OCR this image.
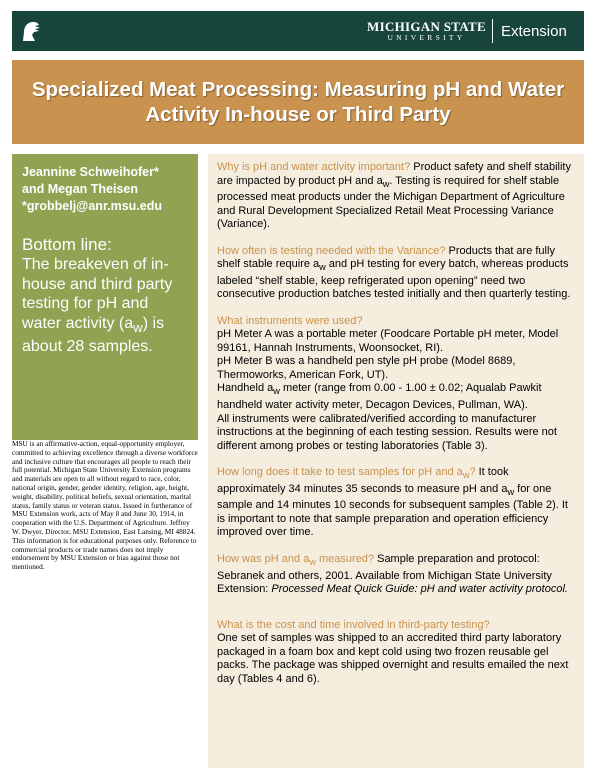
MICHIGAN STATE
UNIVERSITY	Extension
Specialized Meat Processing: Measuring pH and Water Activity In-house or Third Party
Jeannine Schweihofer*
and Megan Theisen
*grobbelj@anr.msu.edu
Bottom line:
The breakeven of in-house and third party testing for pH and water activity $(a_w)$ is about 28 samples.
MSU is an affirmative-action, equal-opportunity employer, committed to achieving excellence through a diverse workforce and inclusive culture that encourages all people to reach their full potential. Michigan State University Extension programs and materials are open to all without regard to race, color, national origin, gender, gender identity, religion, age, height, weight, disability, political beliefs, sexual orientation, marital status, family status or veteran status. Issued in furtherance of MSU Extension work, acts of May 8 and June 30, 1914, in cooperation with the U.S. Department of Agriculture. Jeffrey W. Dwyer, Director, MSU Extension, East Lansing, MI 48824. This information is for educational purposes only. Reference to commercial products or trade names does not imply endorsement by MSU Extension or bias against those not mentioned.

Why is pH and water activity important? Product safety and shelf stability are impacted by product pH and $a_w$. Testing is required for shelf stable processed meat products under the Michigan Department of Agriculture and Rural Development Specialized Retail Meat Processing Variance (Variance).

How often is testing needed with the Variance? Products that are fully shelf stable require $a_w$ and pH testing for every batch, whereas products labeled “shelf stable, keep refrigerated upon opening” need two consecutive production batches tested initially and then quarterly testing.

What instruments were used?
pH Meter A was a portable meter (Foodcare Portable pH meter, Model 99161, Hannah Instruments, Woonsocket, RI).
pH Meter B was a handheld pen style pH probe (Model 8689, Thermoworks, American Fork, UT).
Handheld $a_w$ meter (range from 0.00 - 1.00 ± 0.02; Aqualab Pawkit handheld water activity meter, Decagon Devices, Pullman, WA).
All instruments were calibrated/verified according to manufacturer instructions at the beginning of each testing session. Results were not different among probes or testing laboratories (Table 3).

How long does it take to test samples for pH and $a_w$? It took approximately 34 minutes 35 seconds to measure pH and $a_w$ for one sample and 14 minutes 10 seconds for subsequent samples (Table 2). It is important to note that sample preparation and operation efficiency improved over time.

How was pH and $a_w$ measured? Sample preparation and protocol: Sebranek and others, 2001. Available from Michigan State University Extension: Processed Meat Quick Guide: pH and water activity protocol.

What is the cost and time involved in third-party testing?
One set of samples was shipped to an accredited third party laboratory packaged in a foam box and kept cold using two frozen reusable gel packs. The package was shipped overnight and results emailed the next day (Tables 4 and 6).
